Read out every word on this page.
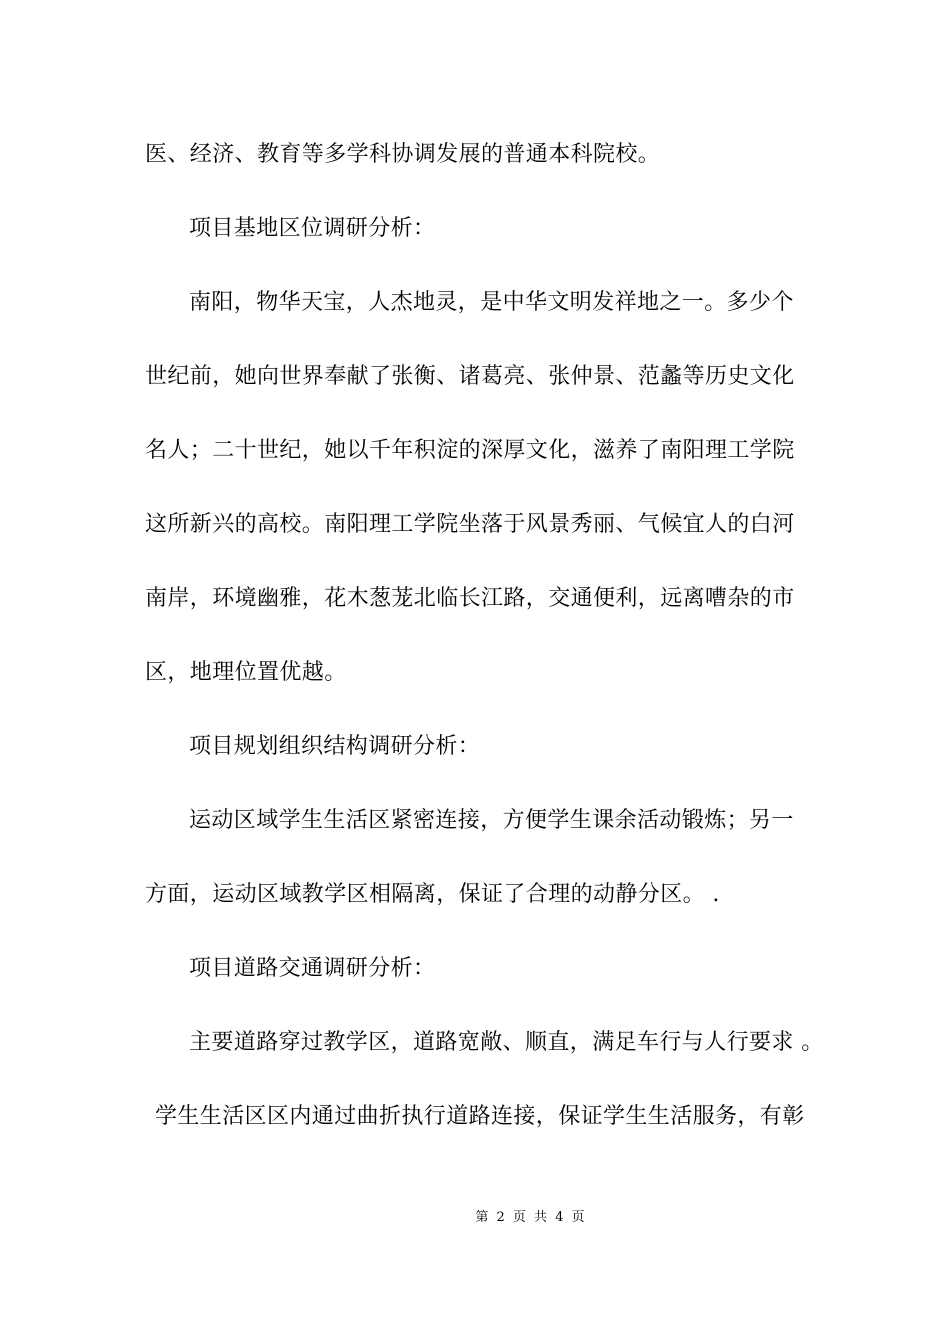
医、经济、教育等多学科协调发展的普通本科院校。
项目基地区位调研分析：
南阳，物华天宝，人杰地灵，是中华文明发祥地之一。多少个
世纪前，她向世界奉献了张衡、诸葛亮、张仲景、范蠡等历史文化
名人；二十世纪，她以千年积淀的深厚文化，滋养了南阳理工学院
这所新兴的高校。南阳理工学院坐落于风景秀丽、气候宜人的白河
南岸，环境幽雅，花木葱茏北临长江路，交通便利，远离嘈杂的市
区，地理位置优越。
项目规划组织结构调研分析：
运动区域学生生活区紧密连接，方便学生课余活动锻炼；另一
方面，运动区域教学区相隔离，保证了合理的动静分区。 .
项目道路交通调研分析：
主要道路穿过教学区，道路宽敞、顺直，满足车行与人行要求 。
学生生活区区内通过曲折执行道路连接，保证学生生活服务，有彰
第 2 页 共 4 页
